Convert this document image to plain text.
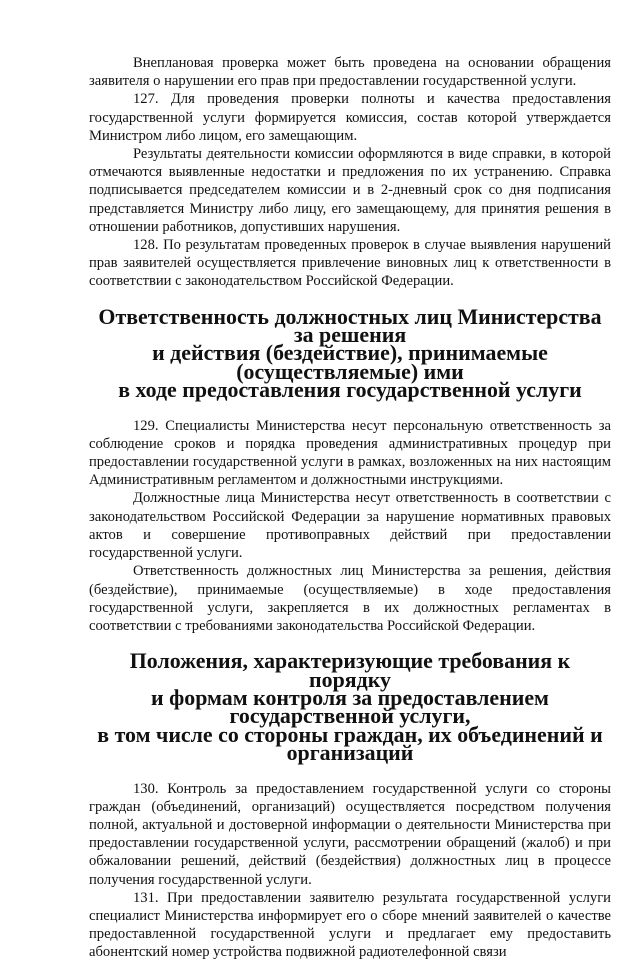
Внеплановая проверка может быть проведена на основании обращения заявителя о нарушении его прав при предоставлении государственной услуги.

127. Для проведения проверки полноты и качества предоставления государственной услуги формируется комиссия, состав которой утверждается Министром либо лицом, его замещающим.

Результаты деятельности комиссии оформляются в виде справки, в которой отмечаются выявленные недостатки и предложения по их устранению. Справка подписывается председателем комиссии и в 2-дневный срок со дня подписания представляется Министру либо лицу, его замещающему, для принятия решения в отношении работников, допустивших нарушения.

128. По результатам проведенных проверок в случае выявления нарушений прав заявителей осуществляется привлечение виновных лиц к ответственности в соответствии с законодательством Российской Федерации.

Ответственность должностных лиц Министерства за решения
и действия (бездействие), принимаемые (осуществляемые) ими
в ходе предоставления государственной услуги

129. Специалисты Министерства несут персональную ответственность за соблюдение сроков и порядка проведения административных процедур при предоставлении государственной услуги в рамках, возложенных на них настоящим Административным регламентом и должностными инструкциями.

Должностные лица Министерства несут ответственность в соответствии с законодательством Российской Федерации за нарушение нормативных правовых актов и совершение противоправных действий при предоставлении государственной услуги.

Ответственность должностных лиц Министерства за решения, действия (бездействие), принимаемые (осуществляемые) в ходе предоставления государственной услуги, закрепляется в их должностных регламентах в соответствии с требованиями законодательства Российской Федерации.

Положения, характеризующие требования к порядку
и формам контроля за предоставлением государственной услуги,
в том числе со стороны граждан, их объединений и организаций

130. Контроль за предоставлением государственной услуги со стороны граждан (объединений, организаций) осуществляется посредством получения полной, актуальной и достоверной информации о деятельности Министерства при предоставлении государственной услуги, рассмотрении обращений (жалоб) и при обжаловании решений, действий (бездействия) должностных лиц в процессе получения государственной услуги.

131. При предоставлении заявителю результата государственной услуги специалист Министерства информирует его о сборе мнений заявителей о качестве предоставленной государственной услуги и предлагает ему предоставить абонентский номер устройства подвижной радиотелефонной связи
